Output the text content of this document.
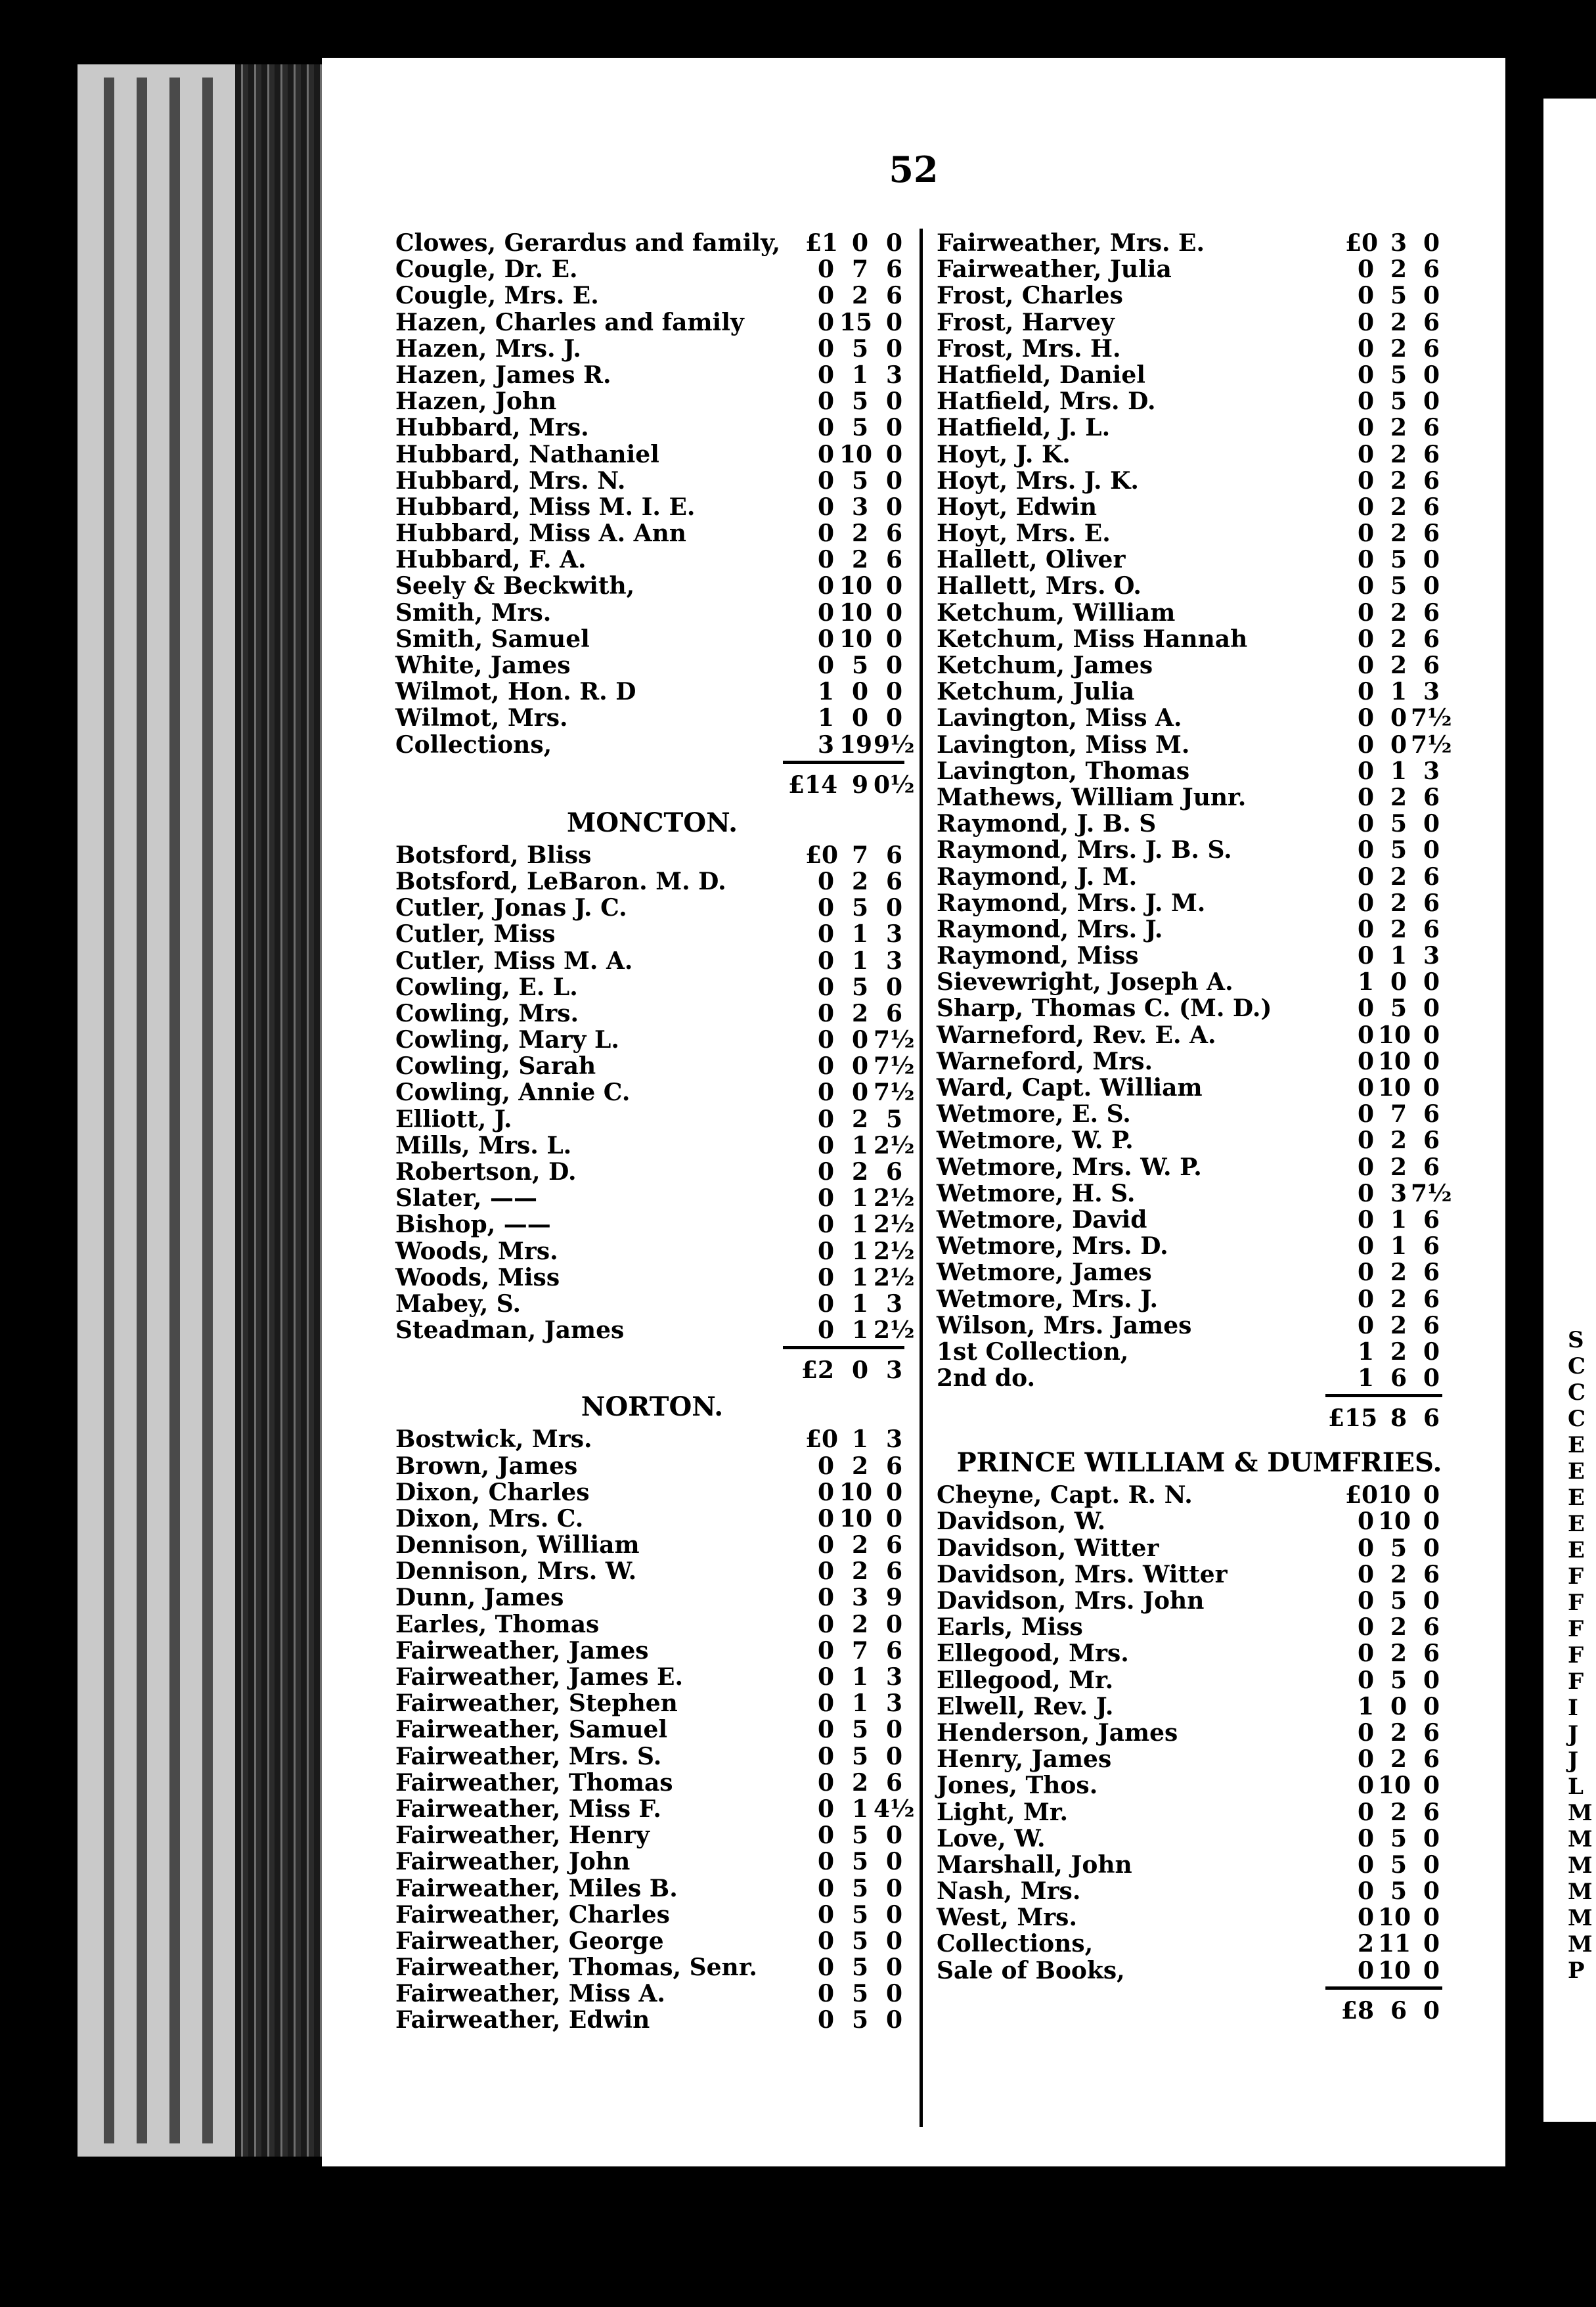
S
C
C
C
E
E
E
E
E
F
F
F
F
F
I
J
J
L
M
M
M
M
M
M
P
52
Clowes, Gerardus and family, £1 0 0
Cougle, Dr. E.	0 7 6
Cougle, Mrs. E.	0 2 6
Hazen, Charles and family	0 15 0
Hazen, Mrs. J.	0 5 0
Hazen, James R.	0 1 3
Hazen, John	0 5 0
Hubbard, Mrs.	0 5 0
Hubbard, Nathaniel	0 10 0
Hubbard, Mrs. N.	0 5 0
Hubbard, Miss M. I. E.	0 3 0
Hubbard, Miss A. Ann	0 2 6
Hubbard, F. A.	0 2 6
Seely & Beckwith,	0 10 0
Smith, Mrs.	0 10 0
Smith, Samuel	0 10 0
White, James	0 5 0
Wilmot, Hon. R. D	1 0 0
Wilmot, Mrs.	1 0 0
Collections,	3 19 9½
£14 9 0½
MONCTON.
Botsford, Bliss	£0 7 6
Botsford, LeBaron. M. D.	0 2 6
Cutler, Jonas J. C.	0 5 0
Cutler, Miss	0 1 3
Cutler, Miss M. A.	0 1 3
Cowling, E. L.	0 5 0
Cowling, Mrs.	0 2 6
Cowling, Mary L.	0 0 7½
Cowling, Sarah	0 0 7½
Cowling, Annie C.	0 0 7½
Elliott, J.	0 2 5
Mills, Mrs. L.	0 1 2½
Robertson, D.	0 2 6
Slater, ——	0 1 2½
Bishop, ——	0 1 2½
Woods, Mrs.	0 1 2½
Woods, Miss	0 1 2½
Mabey, S.	0 1 3
Steadman, James	0 1 2½
£2 0 3
NORTON.
Bostwick, Mrs.	£0 1 3
Brown, James	0 2 6
Dixon, Charles	0 10 0
Dixon, Mrs. C.	0 10 0
Dennison, William	0 2 6
Dennison, Mrs. W.	0 2 6
Dunn, James	0 3 9
Earles, Thomas	0 2 0
Fairweather, James	0 7 6
Fairweather, James E.	0 1 3
Fairweather, Stephen	0 1 3
Fairweather, Samuel	0 5 0
Fairweather, Mrs. S.	0 5 0
Fairweather, Thomas	0 2 6
Fairweather, Miss F.	0 1 4½
Fairweather, Henry	0 5 0
Fairweather, John	0 5 0
Fairweather, Miles B.	0 5 0
Fairweather, Charles	0 5 0
Fairweather, George	0 5 0
Fairweather, Thomas, Senr.	0 5 0
Fairweather, Miss A.	0 5 0
Fairweather, Edwin	0 5 0
Fairweather, Mrs. E.	£0 3 0
Fairweather, Julia	0 2 6
Frost, Charles	0 5 0
Frost, Harvey	0 2 6
Frost, Mrs. H.	0 2 6
Hatfield, Daniel	0 5 0
Hatfield, Mrs. D.	0 5 0
Hatfield, J. L.	0 2 6
Hoyt, J. K.	0 2 6
Hoyt, Mrs. J. K.	0 2 6
Hoyt, Edwin	0 2 6
Hoyt, Mrs. E.	0 2 6
Hallett, Oliver	0 5 0
Hallett, Mrs. O.	0 5 0
Ketchum, William	0 2 6
Ketchum, Miss Hannah	0 2 6
Ketchum, James	0 2 6
Ketchum, Julia	0 1 3
Lavington, Miss A.	0 0 7½
Lavington, Miss M.	0 0 7½
Lavington, Thomas	0 1 3
Mathews, William Junr.	0 2 6
Raymond, J. B. S	0 5 0
Raymond, Mrs. J. B. S.	0 5 0
Raymond, J. M.	0 2 6
Raymond, Mrs. J. M.	0 2 6
Raymond, Mrs. J.	0 2 6
Raymond, Miss	0 1 3
Sievewright, Joseph A.	1 0 0
Sharp, Thomas C. (M. D.)	0 5 0
Warneford, Rev. E. A.	0 10 0
Warneford, Mrs.	0 10 0
Ward, Capt. William	0 10 0
Wetmore, E. S.	0 7 6
Wetmore, W. P.	0 2 6
Wetmore, Mrs. W. P.	0 2 6
Wetmore, H. S.	0 3 7½
Wetmore, David	0 1 6
Wetmore, Mrs. D.	0 1 6
Wetmore, James	0 2 6
Wetmore, Mrs. J.	0 2 6
Wilson, Mrs. James	0 2 6
1st Collection,	1 2 0
2nd do.	1 6 0
£15 8 6
PRINCE WILLIAM & DUMFRIES.
Cheyne, Capt. R. N.	£0 10 0
Davidson, W.	0 10 0
Davidson, Witter	0 5 0
Davidson, Mrs. Witter	0 2 6
Davidson, Mrs. John	0 5 0
Earls, Miss	0 2 6
Ellegood, Mrs.	0 2 6
Ellegood, Mr.	0 5 0
Elwell, Rev. J.	1 0 0
Henderson, James	0 2 6
Henry, James	0 2 6
Jones, Thos.	0 10 0
Light, Mr.	0 2 6
Love, W.	0 5 0
Marshall, John	0 5 0
Nash, Mrs.	0 5 0
West, Mrs.	0 10 0
Collections,	2 11 0
Sale of Books,	0 10 0
£8 6 0
